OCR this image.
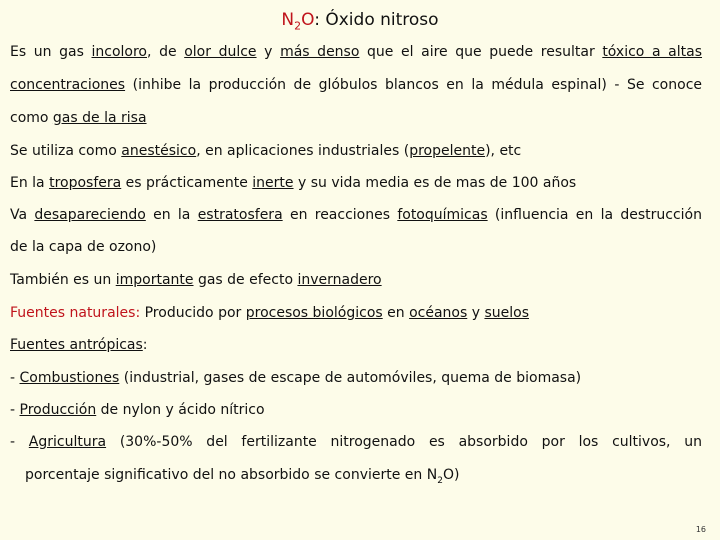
$N_2O$: Óxido nitroso
Es un gas incoloro, de olor dulce y más denso que el aire que puede resultar tóxico a altas
concentraciones (inhibe la producción de glóbulos blancos en la médula espinal) - Se conoce
como gas de la risa
Se utiliza como anestésico, en aplicaciones industriales (propelente), etc
En la troposfera es prácticamente inerte y su vida media es de mas de 100 años
Va desapareciendo en la estratosfera en reacciones fotoquímicas (influencia en la destrucción
de la capa de ozono)
También es un importante gas de efecto invernadero
Fuentes naturales: Producido por procesos biológicos en océanos y suelos
Fuentes antrópicas:
- Combustiones (industrial, gases de escape de automóviles, quema de biomasa)
- Producción de nylon y ácido nítrico
- Agricultura (30%-50% del fertilizante nitrogenado es absorbido por los cultivos, un
porcentaje significativo del no absorbido se convierte en $N_2O$)
16
